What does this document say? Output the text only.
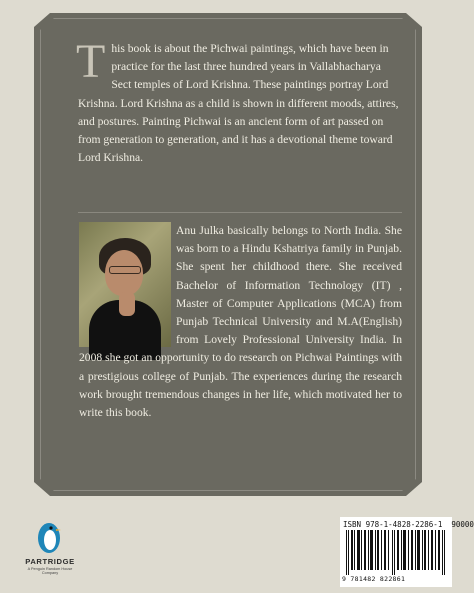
This book is about the Pichwai paintings, which have been in practice for the last three hundred years in Vallabhacharya Sect temples of Lord Krishna. These paintings portray Lord Krishna. Lord Krishna as a child is shown in different moods, attires, and postures. Painting Pichwai is an ancient form of art passed on from generation to generation, and it has a devotional theme toward Lord Krishna.
Anu Julka basically belongs to North India. She was born to a Hindu Kshatriya family in Punjab. She spent her childhood there. She received Bachelor of Information Technology (IT) , Master of Computer Applications (MCA) from Punjab Technical University and M.A(English) from Lovely Professional University India. In 2008 she got an opportunity to do research on Pichwai Paintings with a prestigious college of Punjab. The experiences during the research work brought tremendous changes in her life, which motivated her to write this book.
PARTRIDGE
A Penguin Random House Company
ISBN 978-1-4828-2286-1 90000
9 781482 822861
